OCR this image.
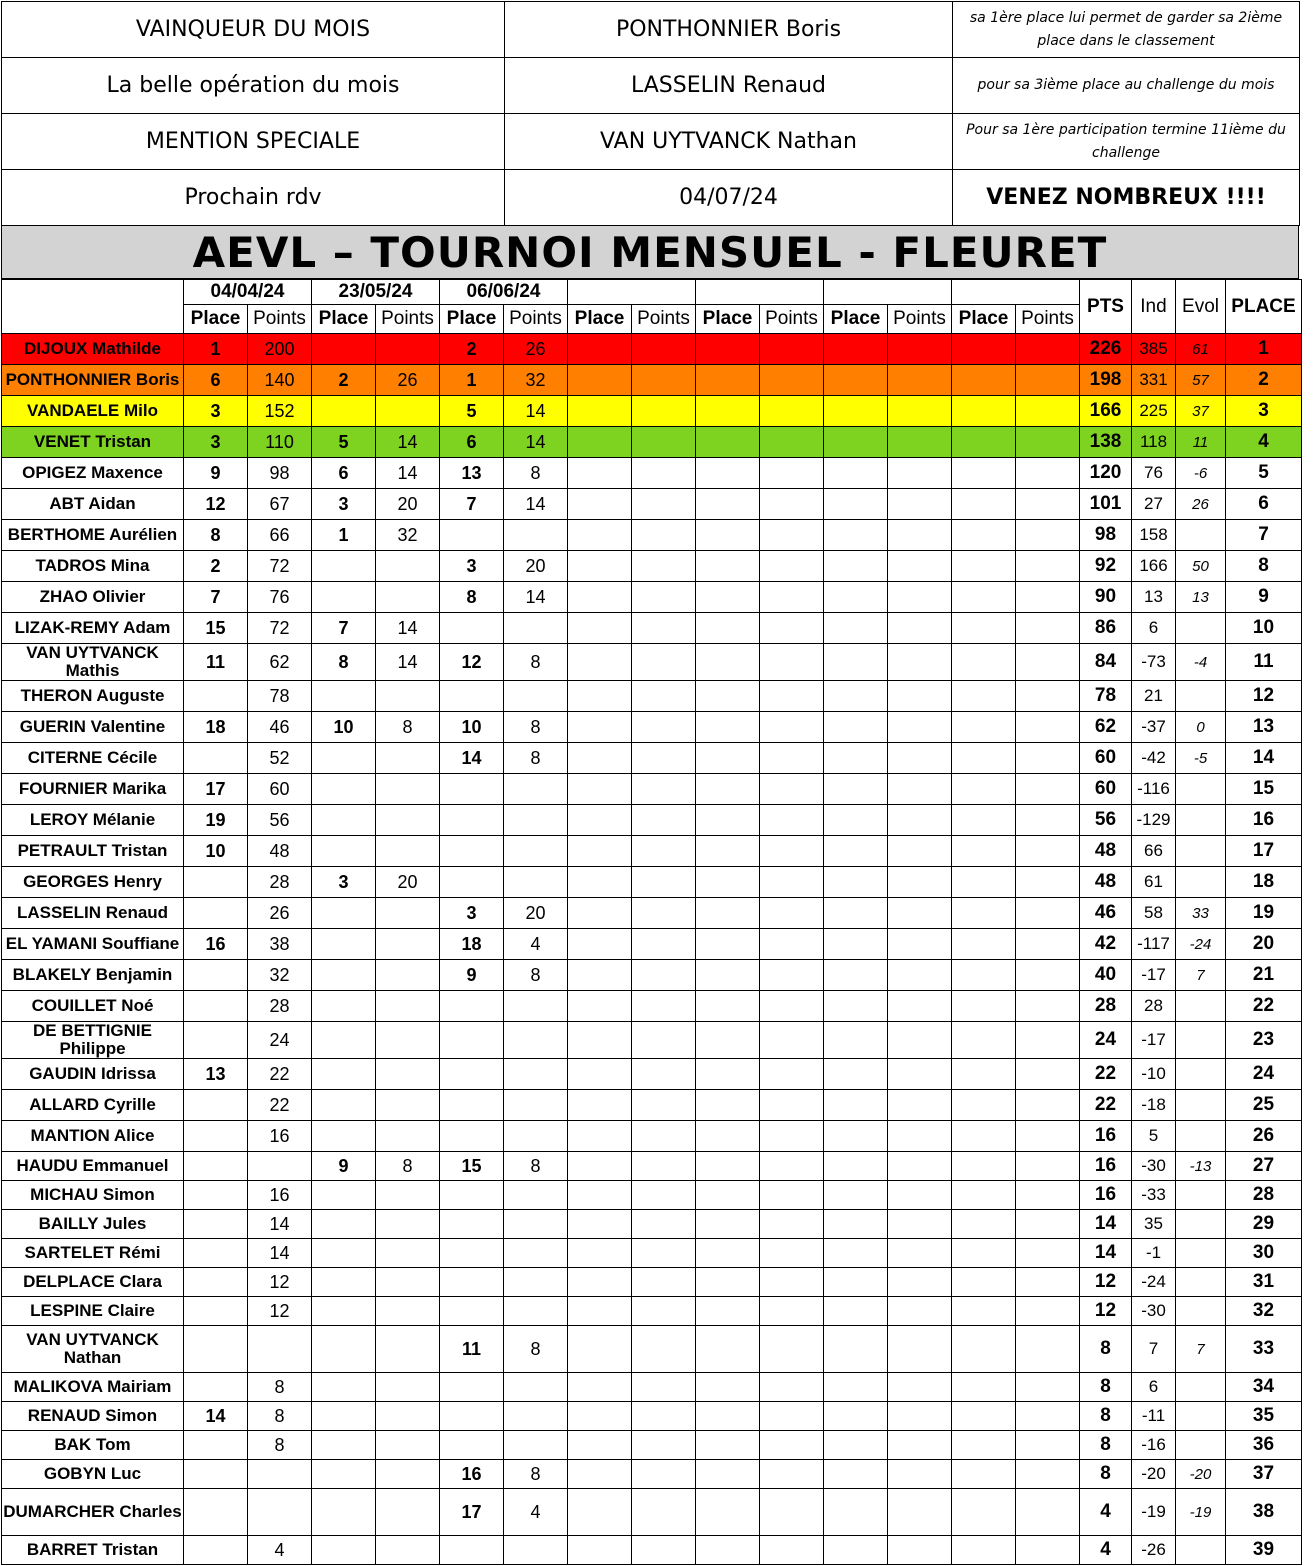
VAINQUEUR DU MOIS	PONTHONNIER Boris	sa 1ère place lui permet de garder sa 2ième place dans le classement
La belle opération du mois	LASSELIN Renaud	pour sa 3ième place au challenge du mois
MENTION SPECIALE	VAN UYTVANCK Nathan	Pour sa 1ère participation termine 11ième du challenge
Prochain rdv	04/07/24	VENEZ NOMBREUX !!!!
AEVL – TOURNOI MENSUEL - FLEURET
	04/04/24		23/05/24		06/06/24										PTS	Ind	Evol	PLACE
	Place	Points	Place	Points	Place	Points	Place	Points	Place	Points	Place	Points	Place	Points				
DIJOUX Mathilde	1	200			2	26									226	385	61	1
PONTHONNIER Boris	6	140	2	26	1	32									198	331	57	2
VANDAELE Milo	3	152			5	14									166	225	37	3
VENET Tristan	3	110	5	14	6	14									138	118	11	4
OPIGEZ Maxence	9	98	6	14	13	8									120	76	-6	5
ABT Aidan	12	67	3	20	7	14									101	27	26	6
BERTHOME Aurélien	8	66	1	32											98	158		7
TADROS Mina	2	72			3	20									92	166	50	8
ZHAO Olivier	7	76			8	14									90	13	13	9
LIZAK-REMY Adam	15	72	7	14											86	6		10
VAN UYTVANCK Mathis	11	62	8	14	12	8									84	-73	-4	11
THERON Auguste		78													78	21		12
GUERIN Valentine	18	46	10	8	10	8									62	-37	0	13
CITERNE Cécile		52			14	8									60	-42	-5	14
FOURNIER Marika	17	60													60	-116		15
LEROY Mélanie	19	56													56	-129		16
PETRAULT Tristan	10	48													48	66		17
GEORGES Henry		28	3	20											48	61		18
LASSELIN Renaud		26			3	20									46	58	33	19
EL YAMANI Souffiane	16	38			18	4									42	-117	-24	20
BLAKELY Benjamin		32			9	8									40	-17	7	21
COUILLET Noé		28													28	28		22
DE BETTIGNIE Philippe		24													24	-17		23
GAUDIN Idrissa	13	22													22	-10		24
ALLARD Cyrille		22													22	-18		25
MANTION Alice		16													16	5		26
HAUDU Emmanuel			9	8	15	8									16	-30	-13	27
MICHAU Simon		16													16	-33		28
BAILLY Jules		14													14	35		29
SARTELET Rémi		14													14	-1		30
DELPLACE Clara		12													12	-24		31
LESPINE Claire		12													12	-30		32
VAN UYTVANCK Nathan					11	8									8	7	7	33
MALIKOVA Mairiam		8													8	6		34
RENAUD Simon	14	8													8	-11		35
BAK Tom		8													8	-16		36
GOBYN Luc					16	8									8	-20	-20	37
DUMARCHER Charles					17	4									4	-19	-19	38
BARRET Tristan		4													4	-26		39
